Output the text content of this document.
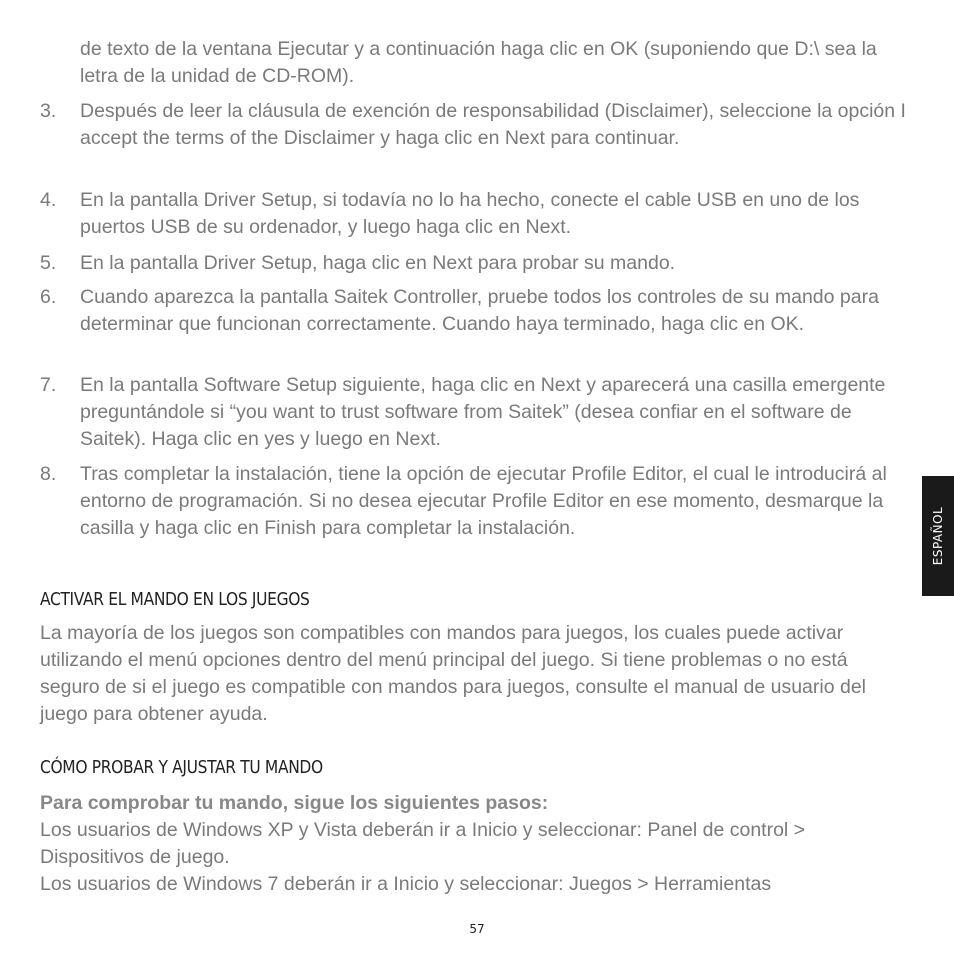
de texto de la ventana Ejecutar y a continuación haga clic en OK (suponiendo que D:\ sea la letra de la unidad de CD-ROM).
3.	Después de leer la cláusula de exención de responsabilidad (Disclaimer), seleccione la opción I accept the terms of the Disclaimer y haga clic en Next para continuar.
4.	En la pantalla Driver Setup, si todavía no lo ha hecho, conecte el cable USB en uno de los puertos USB de su ordenador, y luego haga clic en Next.
5.	En la pantalla Driver Setup, haga clic en Next para probar su mando.
6.	Cuando aparezca la pantalla Saitek Controller, pruebe todos los controles de su mando para determinar que funcionan correctamente. Cuando haya terminado, haga clic en OK.
7.	En la pantalla Software Setup siguiente, haga clic en Next y aparecerá una casilla emergente preguntándole si “you want to trust software from Saitek” (desea confiar en el software de Saitek). Haga clic en yes y luego en Next.
8.	Tras completar la instalación, tiene la opción de ejecutar Profile Editor, el cual le introducirá al entorno de programación. Si no desea ejecutar Profile Editor en ese momento, desmarque la casilla y haga clic en Finish para completar la instalación.
ACTIVAR EL MANDO EN LOS JUEGOS
La mayoría de los juegos son compatibles con mandos para juegos, los cuales puede activar utilizando el menú opciones dentro del menú principal del juego. Si tiene problemas o no está seguro de si el juego es compatible con mandos para juegos, consulte el manual de usuario del juego para obtener ayuda.
CÓMO PROBAR Y AJUSTAR TU MANDO
Para comprobar tu mando, sigue los siguientes pasos:
Los usuarios de Windows XP y Vista deberán ir a Inicio y seleccionar: Panel de control > Dispositivos de juego.
Los usuarios de Windows 7 deberán ir a Inicio y seleccionar: Juegos > Herramientas
ESPAÑOL
57
